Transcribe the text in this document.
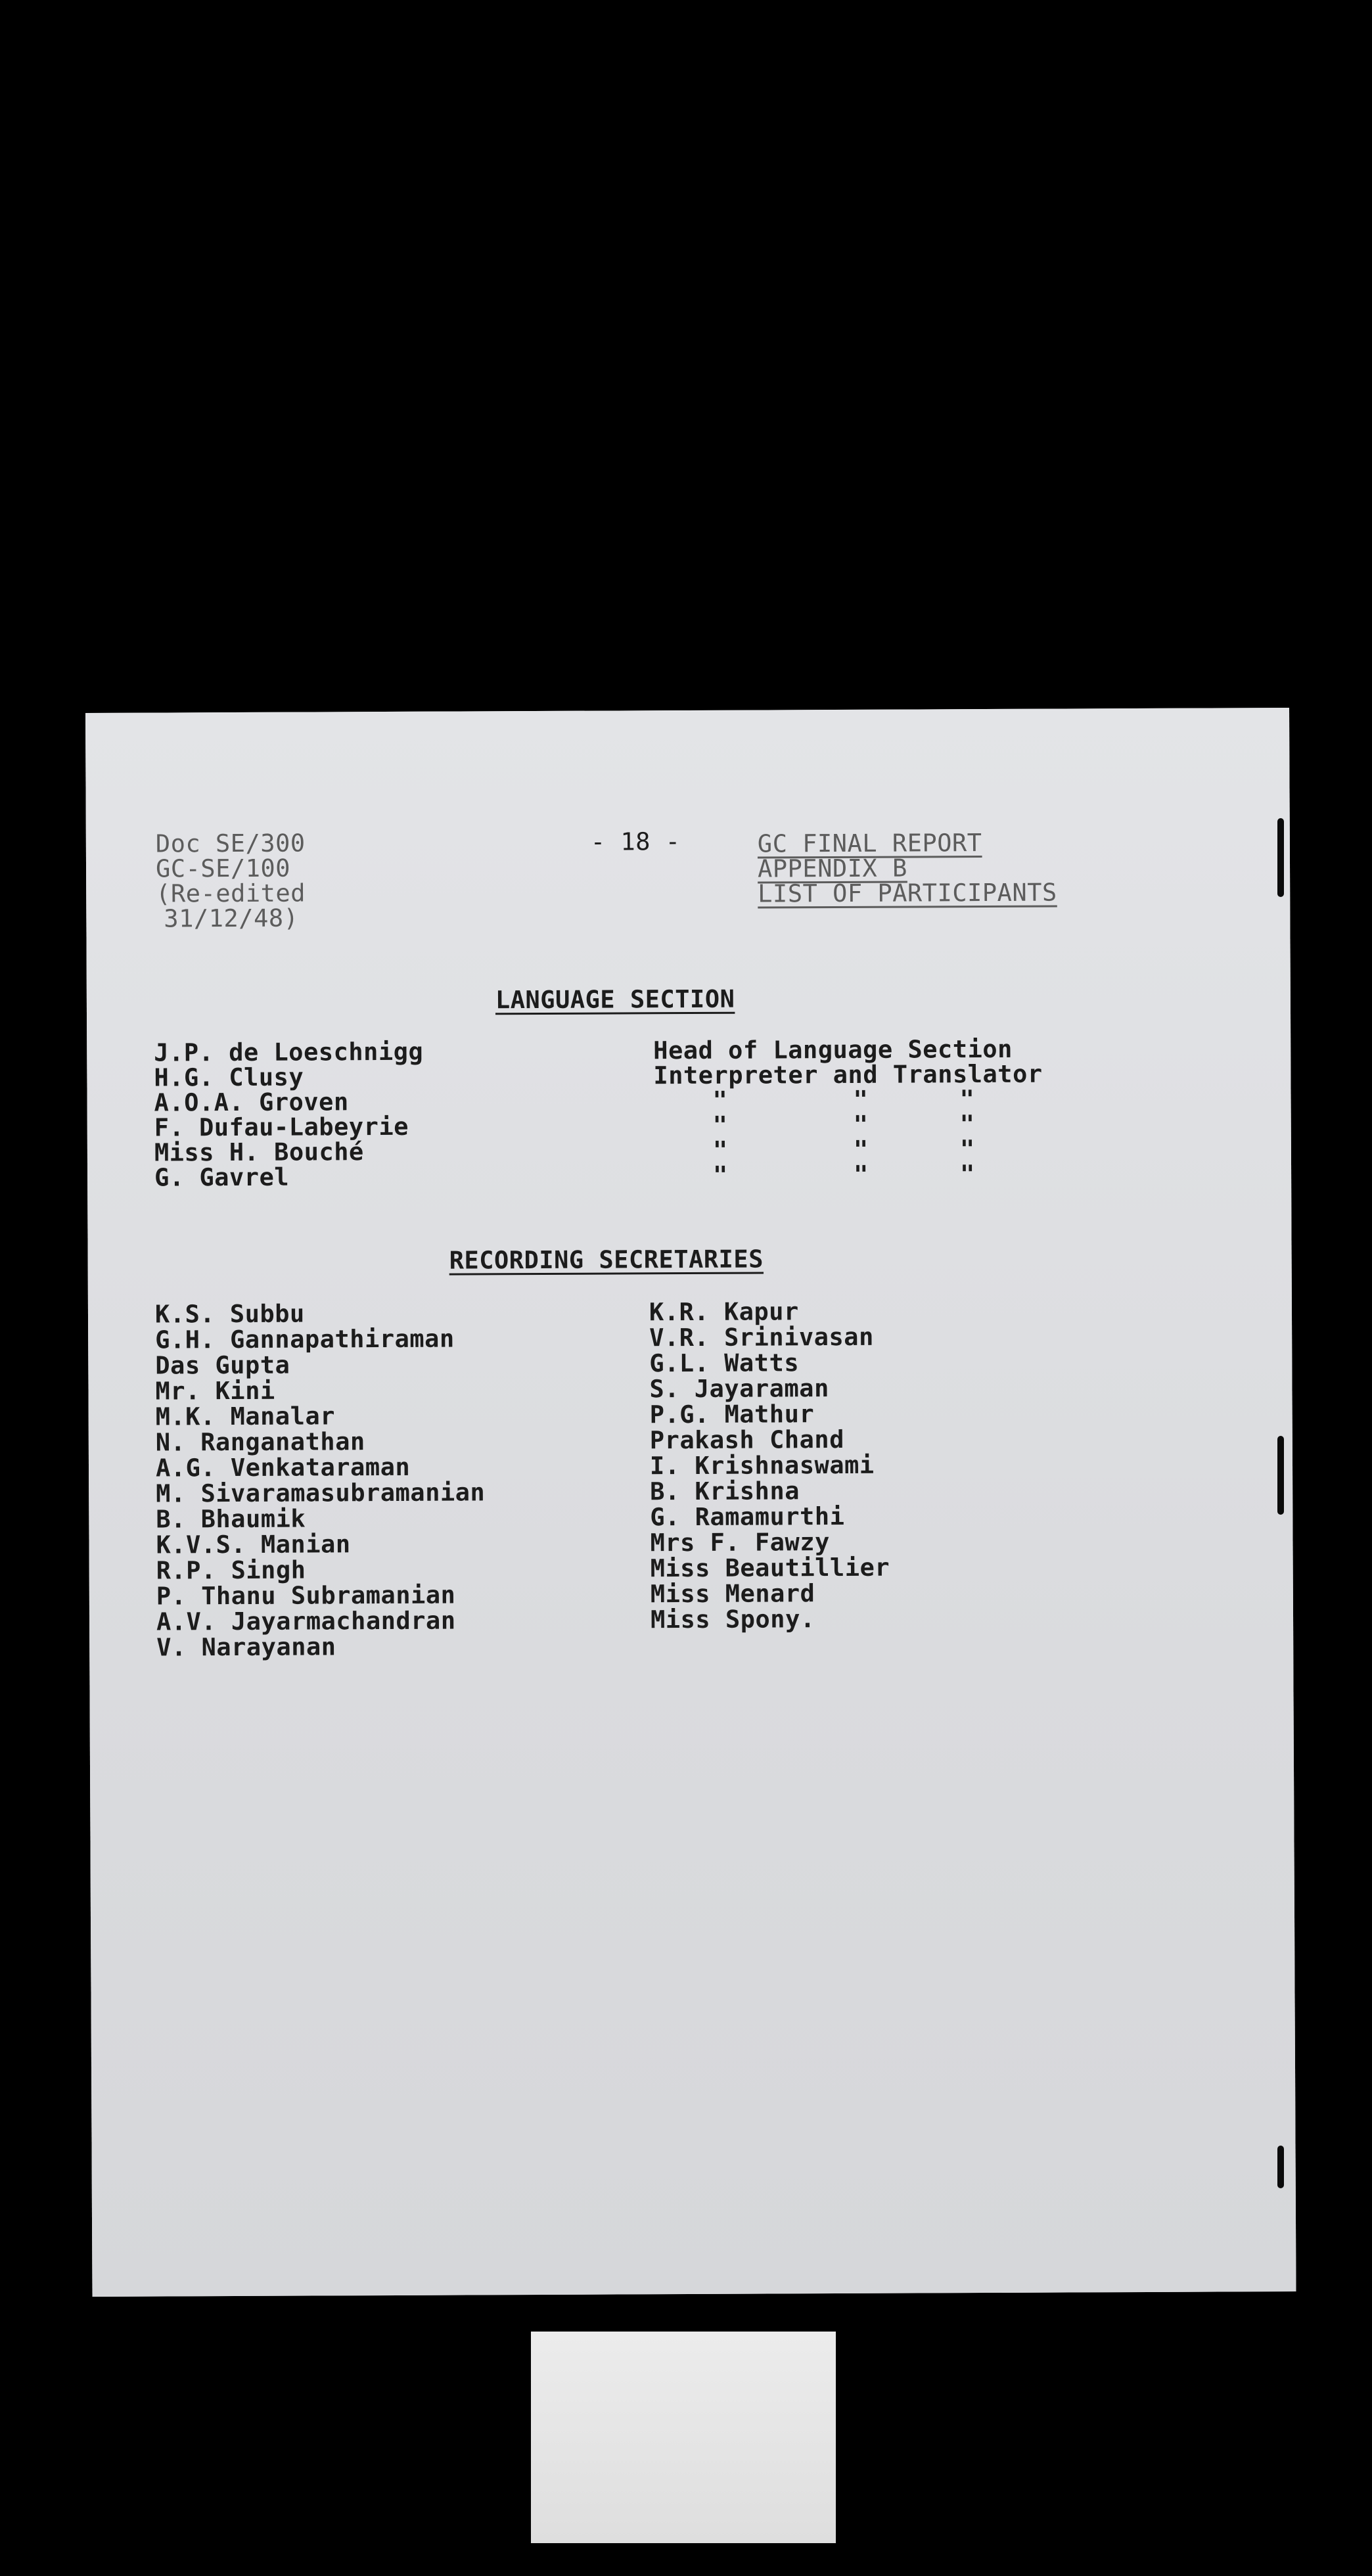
Doc SE/300
GC-SE/100
(Re-edited
31/12/48)
- 18 -	GC FINAL REPORT
APPENDIX B
LIST OF PARTICIPANTS
LANGUAGE SECTION
J.P. de Loeschnigg	Head of Language Section
H.G. Clusy	Interpreter and Translator
A.O.A. Groven	"	"	"
F. Dufau-Labeyrie	"	"	"
Miss H. Bouché	"	"	"
G. Gavrel	"	"	"
RECORDING SECRETARIES
K.S. Subbu
G.H. Gannapathiraman
Das Gupta
Mr. Kini
M.K. Manalar
N. Ranganathan
A.G. Venkataraman
M. Sivaramasubramanian
B. Bhaumik
K.V.S. Manian
R.P. Singh
P. Thanu Subramanian
A.V. Jayarmachandran
V. Narayanan
K.R. Kapur
V.R. Srinivasan
G.L. Watts
S. Jayaraman
P.G. Mathur
Prakash Chand
I. Krishnaswami
B. Krishna
G. Ramamurthi
Mrs F. Fawzy
Miss Beautillier
Miss Menard
Miss Spony.
